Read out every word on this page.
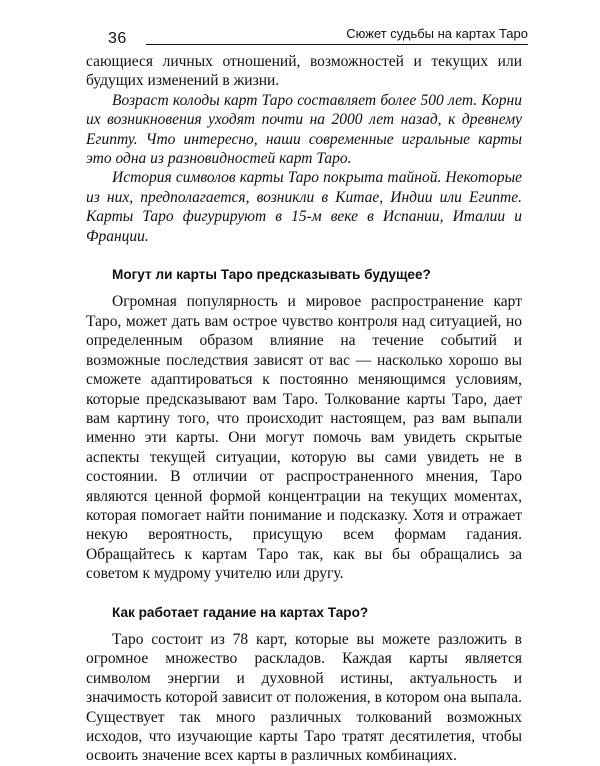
36	Сюжет судьбы на картах Таро

сающиеся личных отношений, возможностей и текущих или будущих изменений в жизни.

Возраст колоды карт Таро составляет более 500 лет. Корни их возникновения уходят почти на 2000 лет назад, к древнему Египту. Что интересно, наши современные игральные карты это одна из разновидностей карт Таро.

История символов карты Таро покрыта тайной. Некоторые из них, предполагается, возникли в Китае, Индии или Египте. Карты Таро фигурируют в 15-м веке в Испании, Италии и Франции.

Могут ли карты Таро предсказывать будущее?

Огромная популярность и мировое распространение карт Таро, может дать вам острое чувство контроля над ситуацией, но определенным образом влияние на течение событий и возможные последствия зависят от вас — насколько хорошо вы сможете адаптироваться к постоянно меняющимся условиям, которые предсказывают вам Таро. Толкование карты Таро, дает вам картину того, что происходит настоящем, раз вам выпали именно эти карты. Они могут помочь вам увидеть скрытые аспекты текущей ситуации, которую вы сами увидеть не в состоянии. В отличии от распространенного мнения, Таро являются ценной формой концентрации на текущих моментах, которая помогает найти понимание и подсказку. Хотя и отражает некую вероятность, присущую всем формам гадания. Обращайтесь к картам Таро так, как вы бы обращались за советом к мудрому учителю или другу.

Как работает гадание на картах Таро?

Таро состоит из 78 карт, которые вы можете разложить в огромное множество раскладов. Каждая карты является символом энергии и духовной истины, актуальность и значимость которой зависит от положения, в котором она выпала. Существует так много различных толкований возможных исходов, что изучающие карты Таро тратят десятилетия, чтобы освоить значение всех карты в различных комбинациях.
